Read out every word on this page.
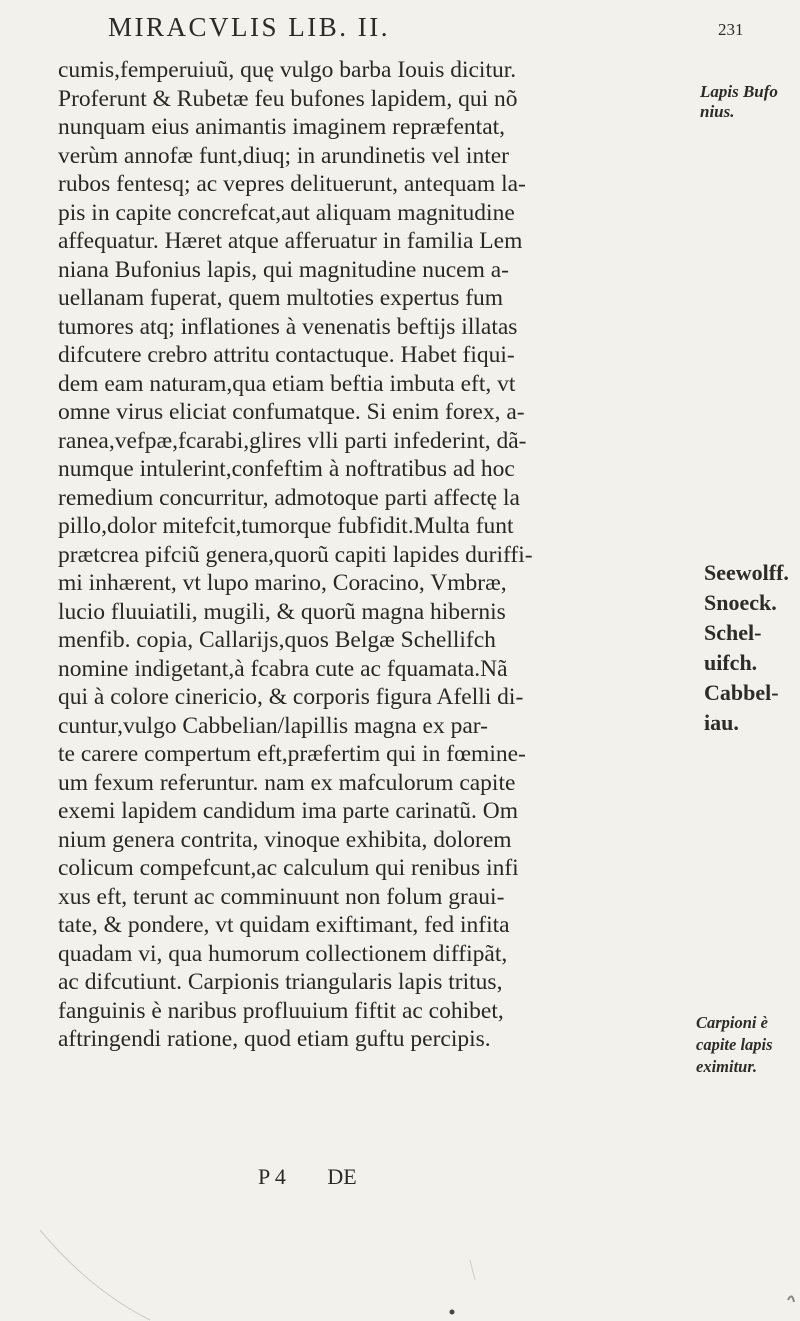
MIRACVLIS LIB. II.	231
cumis,femperuiuũ, quę vulgo barba Iouis dicitur.
Proferunt & Rubetæ feu bufones lapidem, qui nõ
nunquam eius animantis imaginem repræfentat,
verùm annofæ funt,diuq; in arundinetis vel inter
rubos fentesq; ac vepres delituerunt, antequam la-
pis in capite concrefcat,aut aliquam magnitudine
affequatur. Hæret atque afferuatur in familia Lem
niana Bufonius lapis, qui magnitudine nucem a-
uellanam fuperat, quem multoties expertus fum
tumores atq; inflationes à venenatis beftijs illatas
difcutere crebro attritu contactuque. Habet fiqui-
dem eam naturam,qua etiam beftia imbuta eft, vt
omne virus eliciat confumatque. Si enim forex, a-
ranea,vefpæ,fcarabi,glires vlli parti infederint, dã-
numque intulerint,confeftim à noftratibus ad hoc
remedium concurritur, admotoque parti affectę la
pillo,dolor mitefcit,tumorque fubfidit.Multa funt
prætcrea pifciũ genera,quorũ capiti lapides duriffi-
mi inhærent, vt lupo marino, Coracino, Vmbræ,
lucio fluuiatili, mugili, & quorũ magna hibernis
menfib. copia, Callarijs,quos Belgæ Schellifch
nomine indigetant,à fcabra cute ac fquamata.Nã
qui à colore cinericio, & corporis figura Afelli di-
cuntur,vulgo Cabbelian/lapillis magna ex par-
te carere compertum eft,præfertim qui in fœmine-
um fexum referuntur. nam ex mafculorum capite
exemi lapidem candidum ima parte carinatũ. Om
nium genera contrita, vinoque exhibita, dolorem
colicum compefcunt,ac calculum qui renibus infi
xus eft, terunt ac comminuunt non folum graui-
tate, & pondere, vt quidam exiftimant, fed infita
quadam vi, qua humorum collectionem diffipãt,
ac difcutiunt. Carpionis triangularis lapis tritus,
fanguinis è naribus profluuium fiftit ac cohibet,
aftringendi ratione, quod etiam guftu percipis.
Lapis Bufo
nius.
Seewolff.
Snoeck.
Schel-
uifch.
Cabbel-
iau.
Carpioni è
capite lapis
eximitur.
P 4 DE
